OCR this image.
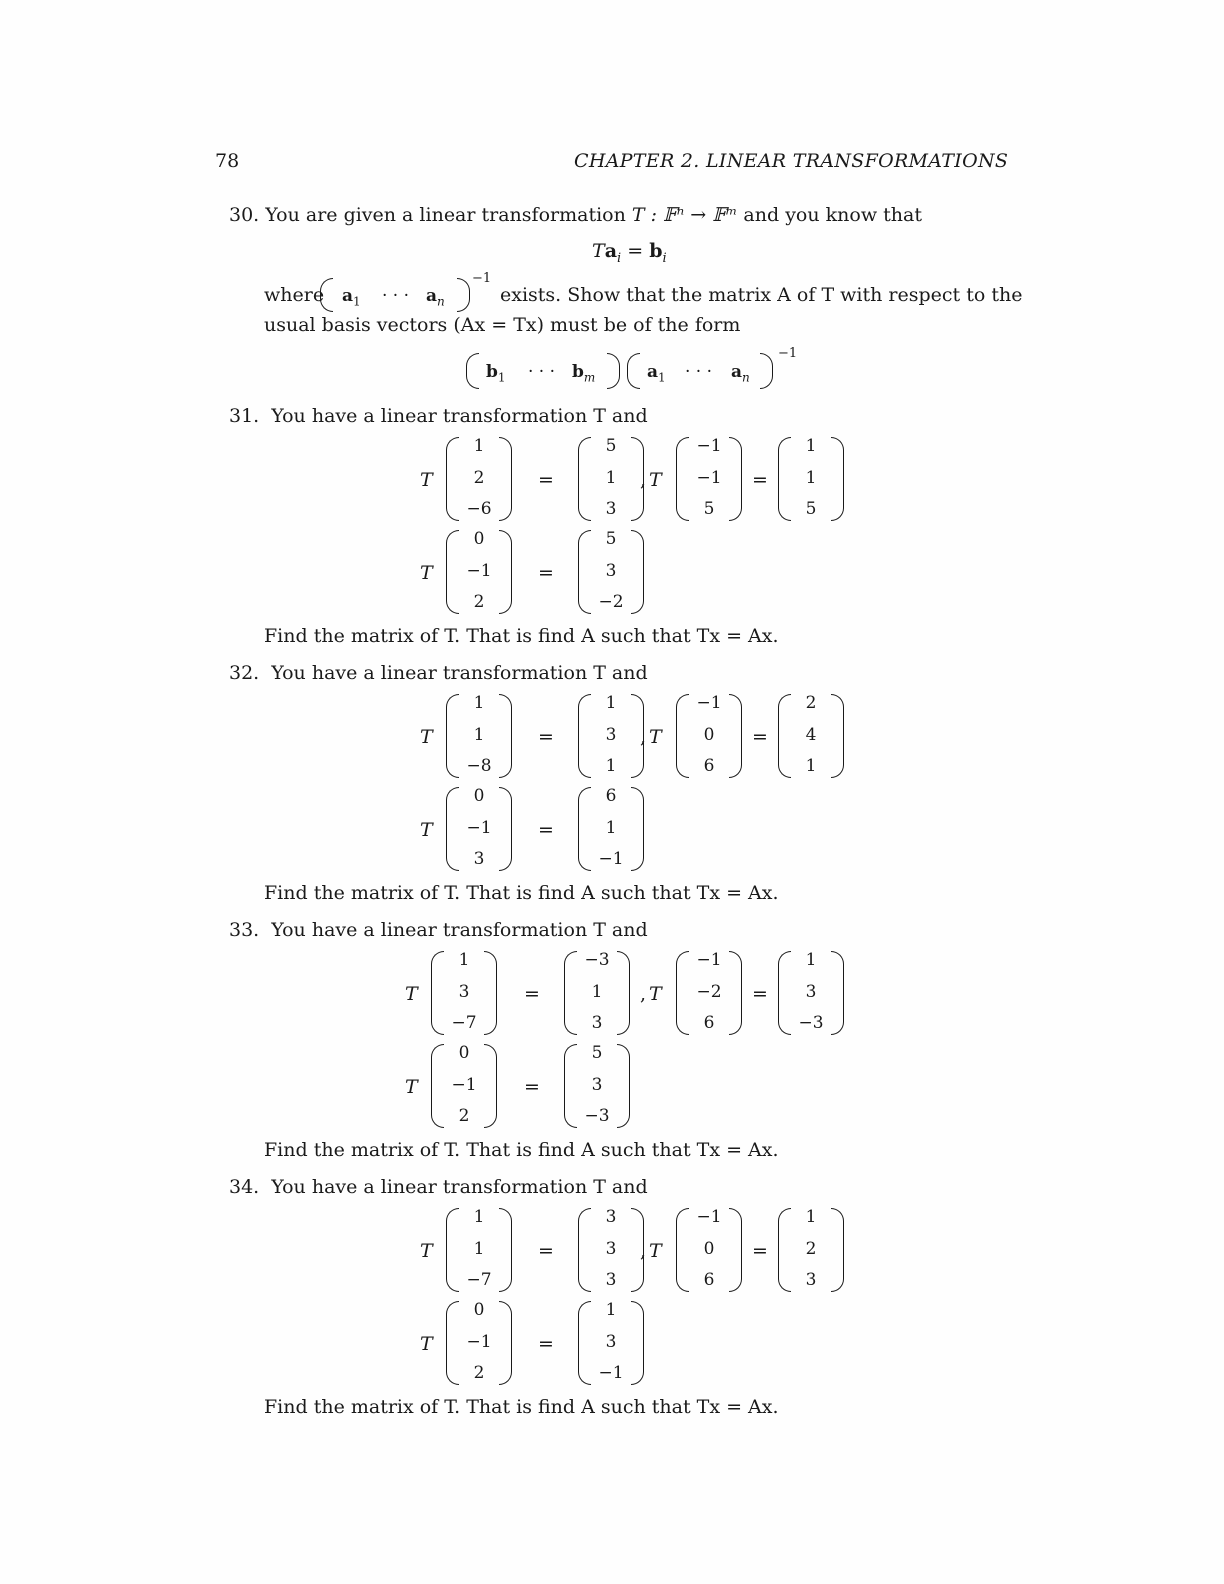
78	CHAPTER 2. LINEAR TRANSFORMATIONS
30. You are given a linear transformation T : 𝔽ⁿ → 𝔽ᵐ and you know that
$Ta_i = b_i$
where $a_1$ · · · $a_n$
−1
exists. Show that the matrix A of T with respect to the
usual basis vectors (Ax = Tx) must be of the form
$b_1$ · · · $b_m$	$a_1$ · · · $a_n$
−1
31. You have a linear transformation T and
T
1
2
−6
=
5
1
3
, T
−1
−1
5
=
1
1
5
T
0
−1
2
=
5
3
−2
Find the matrix of T. That is find A such that Tx = Ax.
32. You have a linear transformation T and
T
1
1
−8
=
1
3
1
, T
−1
0
6
=
2
4
1
T
0
−1
3
=
6
1
−1
Find the matrix of T. That is find A such that Tx = Ax.
33. You have a linear transformation T and
T
1
3
−7
=
−3
1
3
, T
−1
−2
6
=
1
3
−3
T
0
−1
2
=
5
3
−3
Find the matrix of T. That is find A such that Tx = Ax.
34. You have a linear transformation T and
T
1
1
−7
=
3
3
3
, T
−1
0
6
=
1
2
3
T
0
−1
2
=
1
3
−1
Find the matrix of T. That is find A such that Tx = Ax.
